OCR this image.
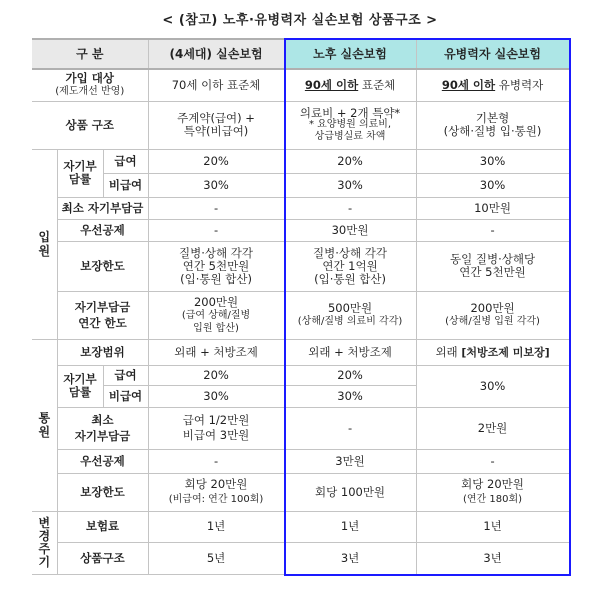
< (참고) 노후·유병력자 실손보험 상품구조 >
구 분	(4세대) 실손보험	노후 실손보험	유병력자 실손보험

가입 대상
(제도개선 반영)	70세 이하 표준체	90세 이하 표준체	90세 이하 유병력자
상품 구조	주계약(급여) +
특약(비급여)

의료비 + 2개 특약*
* 요양병원 의료비,
상급병실료 차액

기본형
(상해·질병 입·통원)

입원
	자기부담률	급여	20%	20%	30%
비급여	30%	30%	30%
최소 자기부담금	-	-	10만원
우선공제	-	30만원	-
보장한도	
질병·상해 각각
연간 5천만원
(입·통원 합산)

질병·상해 각각
연간 1억원
(입·통원 합산)

동일 질병·상해당
연간 5천만원

자기부담금
연간 한도

200만원
(급여 상해/질병
입원 합산)

500만원
(상해/질병 의료비 각각)

200만원
(상해/질병 입원 각각)

통원
	보장범위	외래 + 처방조제	외래 + 처방조제	외래 [처방조제 미보장]
자기부담률	급여	20%	20%	30%
비급여	30%	30%

최소
자기부담금

급여 1/2만원
비급여 3만원
	-	2만원
우선공제	-	3만원	-
보장한도	
회당 20만원
(비급여: 연간 100회)
	회당 100만원	
회당 20만원
(연간 180회)

변경주기
	보험료	1년	1년	1년
상품구조	5년	3년	3년
